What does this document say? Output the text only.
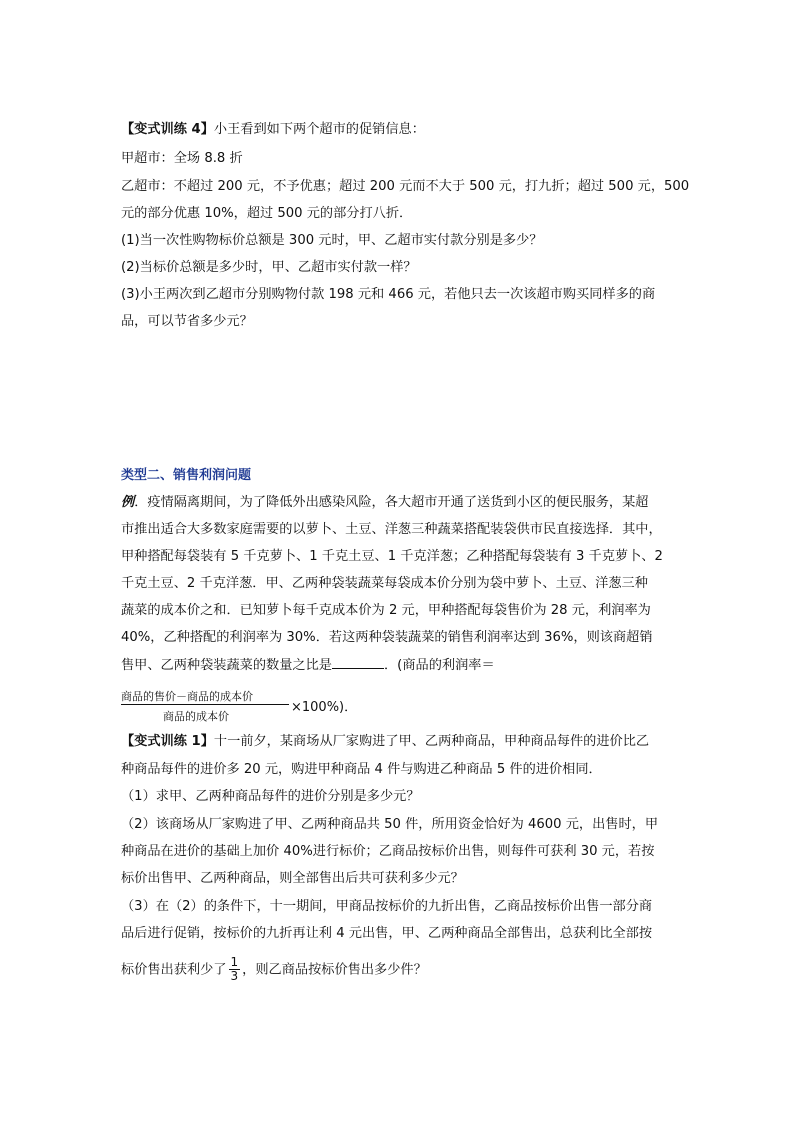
【变式训练 4】小王看到如下两个超市的促销信息：
甲超市：全场 8.8 折
乙超市：不超过 200 元，不予优惠；超过 200 元而不大于 500 元，打九折；超过 500 元，500
元的部分优惠 10%，超过 500 元的部分打八折．
(1)当一次性购物标价总额是 300 元时，甲、乙超市实付款分别是多少？
(2)当标价总额是多少时，甲、乙超市实付款一样？
(3)小王两次到乙超市分别购物付款 198 元和 466 元，若他只去一次该超市购买同样多的商
品，可以节省多少元？
类型二、销售利润问题
例．疫情隔离期间，为了降低外出感染风险，各大超市开通了送货到小区的便民服务，某超
市推出适合大多数家庭需要的以萝卜、土豆、洋葱三种蔬菜搭配装袋供市民直接选择．其中，
甲种搭配每袋装有 5 千克萝卜、1 千克土豆、1 千克洋葱；乙种搭配每袋装有 3 千克萝卜、2
千克土豆、2 千克洋葱．甲、乙两种袋装蔬菜每袋成本价分别为袋中萝卜、土豆、洋葱三种
蔬菜的成本价之和．已知萝卜每千克成本价为 2 元，甲种搭配每袋售价为 28 元，利润率为
40%，乙种搭配的利润率为 30%．若这两种袋装蔬菜的销售利润率达到 36%，则该商超销
售甲、乙两种袋装蔬菜的数量之比是	．(商品的利润率＝
商品的售价－商品的成本价
商品的成本价
×100%)．
【变式训练 1】十一前夕，某商场从厂家购进了甲、乙两种商品，甲种商品每件的进价比乙
种商品每件的进价多 20 元，购进甲种商品 4 件与购进乙种商品 5 件的进价相同．
（1）求甲、乙两种商品每件的进价分别是多少元？
（2）该商场从厂家购进了甲、乙两种商品共 50 件，所用资金恰好为 4600 元，出售时，甲
种商品在进价的基础上加价 40%进行标价；乙商品按标价出售，则每件可获利 30 元，若按
标价出售甲、乙两种商品，则全部售出后共可获利多少元？
（3）在（2）的条件下，十一期间，甲商品按标价的九折出售，乙商品按标价出售一部分商
品后进行促销，按标价的九折再让利 4 元出售，甲、乙两种商品全部售出，总获利比全部按
标价售出获利少了 $\frac{1}{3}$ ，则乙商品按标价售出多少件？
